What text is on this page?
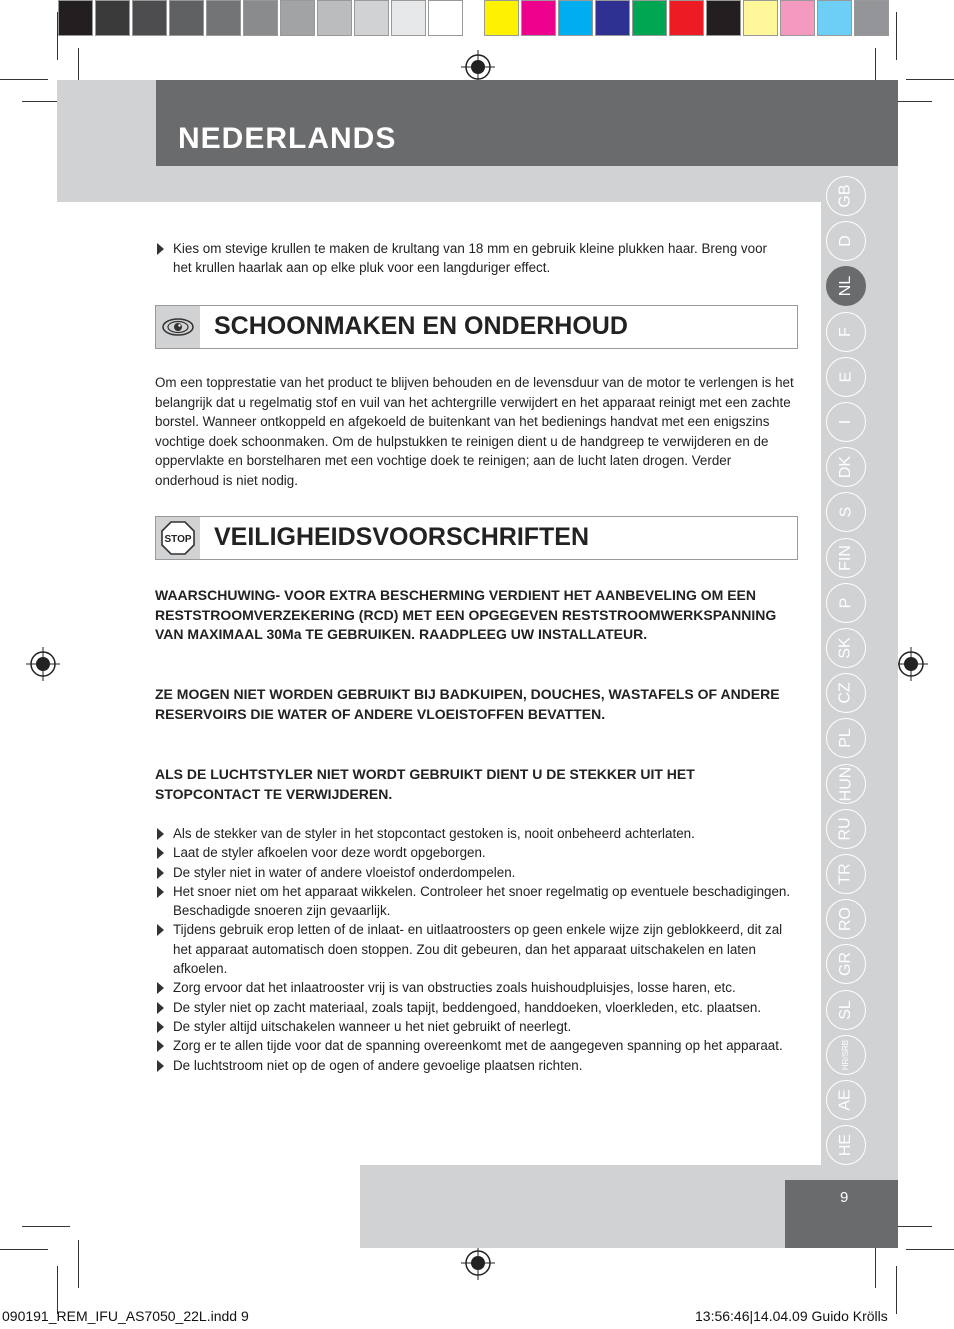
NEDERLANDS
GB
D
NL
F
E
I
DK
S
FIN
P
SK
CZ
PL
HUN
RU
TR
RO
GR
SL
HR/SRB
AE
HE
Kies om stevige krullen te maken de krultang van 18 mm en gebruik kleine plukken haar. Breng voor het krullen haarlak aan op elke pluk voor een langduriger effect.
SCHOONMAKEN EN ONDERHOUD

Om een topprestatie van het product te blijven behouden en de levensduur van de motor te verlengen is het belangrijk dat u regelmatig stof en vuil van het achtergrille verwijdert en het apparaat reinigt met een zachte borstel. Wanneer ontkoppeld en afgekoeld de buitenkant van het bedienings handvat met een enigszins vochtige doek schoonmaken. Om de hulpstukken te reinigen dient u de handgreep te verwijderen en de oppervlakte en borstelharen met een vochtige doek te reinigen; aan de lucht laten drogen. Verder onderhoud is niet nodig.

STOP VEILIGHEIDSVOORSCHRIFTEN

WAARSCHUWING- VOOR EXTRA BESCHERMING VERDIENT HET AANBEVELING OM EEN RESTSTROOMVERZEKERING (RCD) MET EEN OPGEGEVEN RESTSTROOMWERKSPANNING VAN MAXIMAAL 30Ma TE GEBRUIKEN. RAADPLEEG UW INSTALLATEUR.

ZE MOGEN NIET WORDEN GEBRUIKT BIJ BADKUIPEN, DOUCHES, WASTAFELS OF ANDERE RESERVOIRS DIE WATER OF ANDERE VLOEISTOFFEN BEVATTEN.

ALS DE LUCHTSTYLER NIET WORDT GEBRUIKT DIENT U DE STEKKER UIT HET STOPCONTACT TE VERWIJDEREN.

Als de stekker van de styler in het stopcontact gestoken is, nooit onbeheerd achterlaten.
Laat de styler afkoelen voor deze wordt opgeborgen.
De styler niet in water of andere vloeistof onderdompelen.
Het snoer niet om het apparaat wikkelen. Controleer het snoer regelmatig op eventuele beschadigingen. Beschadigde snoeren zijn gevaarlijk.
Tijdens gebruik erop letten of de inlaat- en uitlaatroosters op geen enkele wijze zijn geblokkeerd, dit zal het apparaat automatisch doen stoppen. Zou dit gebeuren, dan het apparaat uitschakelen en laten afkoelen.
Zorg ervoor dat het inlaatrooster vrij is van obstructies zoals huishoudpluisjes, losse haren, etc.
De styler niet op zacht materiaal, zoals tapijt, beddengoed, handdoeken, vloerkleden, etc. plaatsen.
De styler altijd uitschakelen wanneer u het niet gebruikt of neerlegt.
Zorg er te allen tijde voor dat de spanning overeenkomt met de aangegeven spanning op het apparaat.
De luchtstroom niet op de ogen of andere gevoelige plaatsen richten.
9
090191_REM_IFU_AS7050_22L.indd 9	13:56:46|14.04.09 Guido Krölls
